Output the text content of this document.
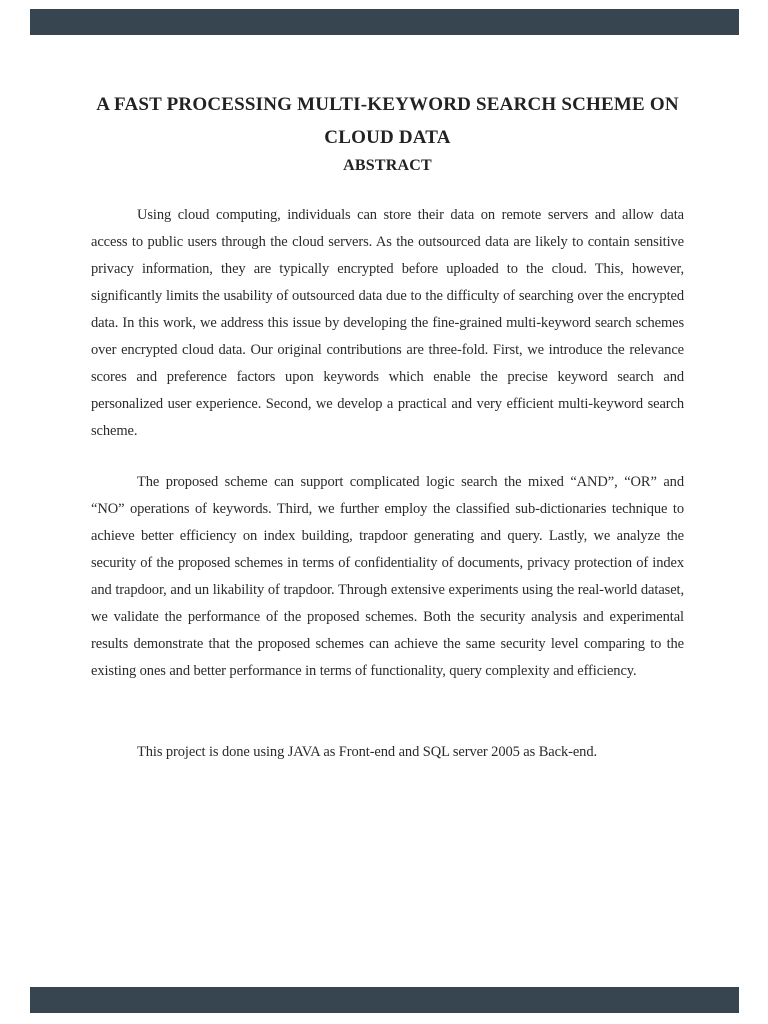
A FAST PROCESSING MULTI-KEYWORD SEARCH SCHEME ON
CLOUD DATA
ABSTRACT

Using cloud computing, individuals can store their data on remote servers and allow data access to public users through the cloud servers. As the outsourced data are likely to contain sensitive privacy information, they are typically encrypted before uploaded to the cloud. This, however, significantly limits the usability of outsourced data due to the difficulty of searching over the encrypted data. In this work, we address this issue by developing the fine-grained multi-keyword search schemes over encrypted cloud data. Our original contributions are three-fold. First, we introduce the relevance scores and preference factors upon keywords which enable the precise keyword search and personalized user experience. Second, we develop a practical and very efficient multi-keyword search scheme.

The proposed scheme can support complicated logic search the mixed “AND”, “OR” and “NO” operations of keywords. Third, we further employ the classified sub-dictionaries technique to achieve better efficiency on index building, trapdoor generating and query. Lastly, we analyze the security of the proposed schemes in terms of confidentiality of documents, privacy protection of index and trapdoor, and un likability of trapdoor. Through extensive experiments using the real-world dataset, we validate the performance of the proposed schemes. Both the security analysis and experimental results demonstrate that the proposed schemes can achieve the same security level comparing to the existing ones and better performance in terms of functionality, query complexity and efficiency.

This project is done using JAVA as Front-end and SQL server 2005 as Back-end.
